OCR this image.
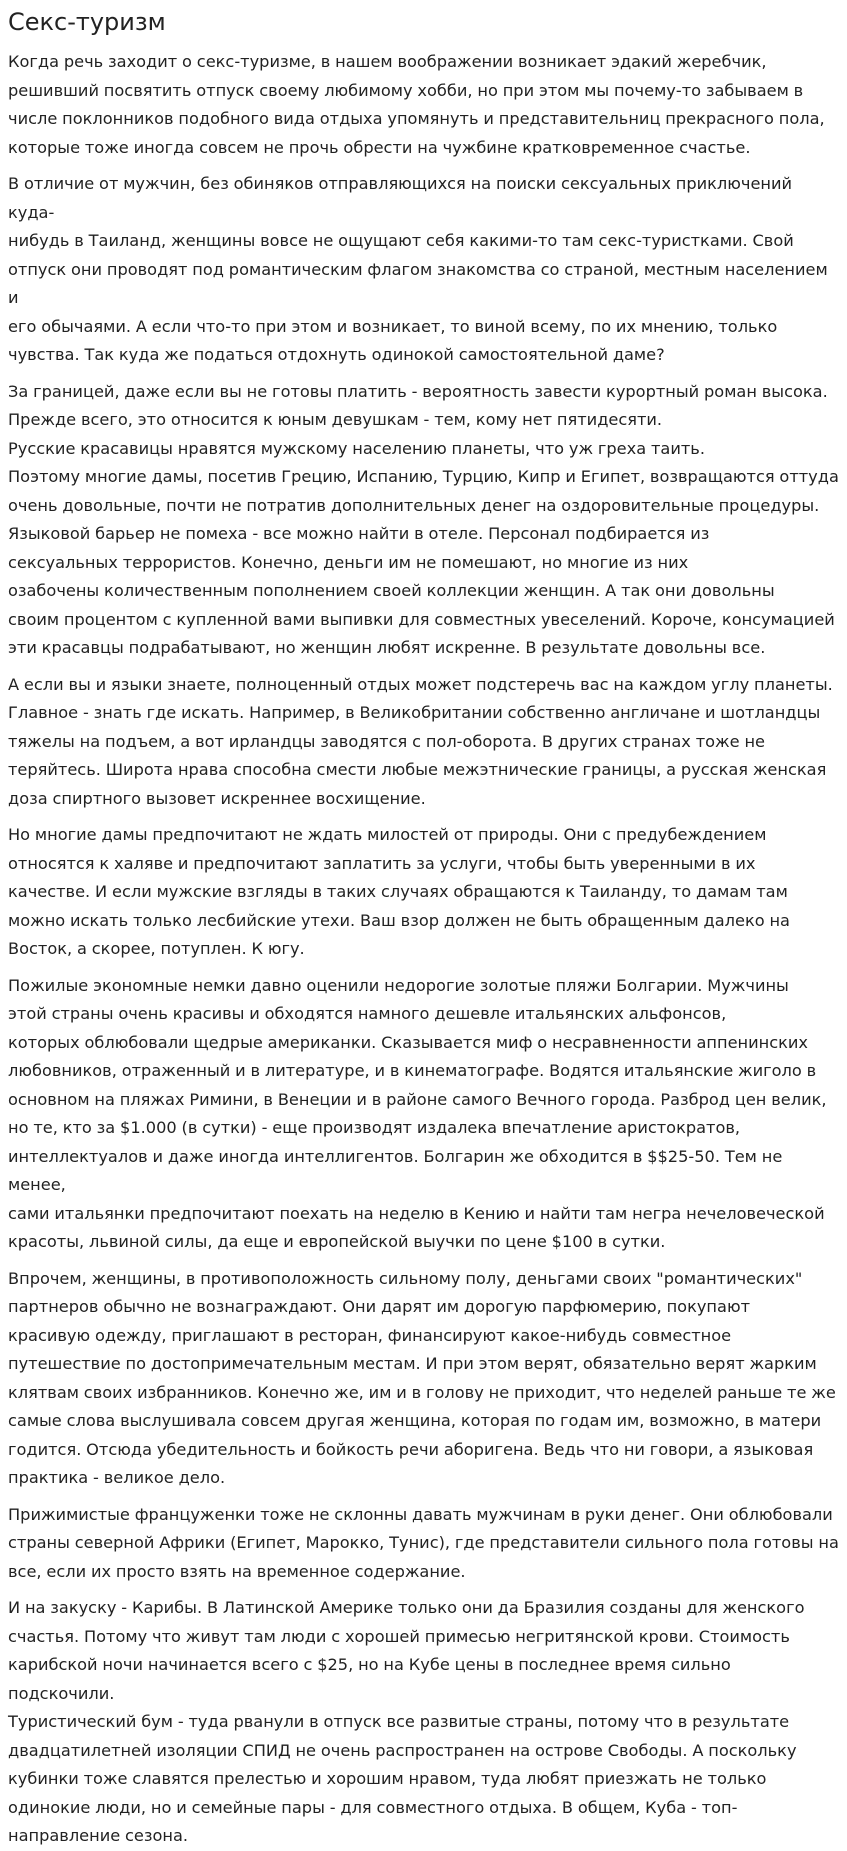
Секс-туризм

Когда речь заходит о секс-туризме, в нашем воображении возникает эдакий жеребчик,
решивший посвятить отпуск своему любимому хобби, но при этом мы почему-то забываем в
числе поклонников подобного вида отдыха упомянуть и представительниц прекрасного пола,
которые тоже иногда совсем не прочь обрести на чужбине кратковременное счастье.

В отличие от мужчин, без обиняков отправляющихся на поиски сексуальных приключений куда-
нибудь в Таиланд, женщины вовсе не ощущают себя какими-то там секс-туристками. Свой
отпуск они проводят под романтическим флагом знакомства со страной, местным населением и
его обычаями. А если что-то при этом и возникает, то виной всему, по их мнению, только
чувства. Так куда же податься отдохнуть одинокой самостоятельной даме?

За границей, даже если вы не готовы платить - вероятность завести курортный роман высока.
Прежде всего, это относится к юным девушкам - тем, кому нет пятидесяти.
Русские красавицы нравятся мужскому населению планеты, что уж греха таить.
Поэтому многие дамы, посетив Грецию, Испанию, Турцию, Кипр и Египет, возвращаются оттуда
очень довольные, почти не потратив дополнительных денег на оздоровительные процедуры.
Языковой барьер не помеха - все можно найти в отеле. Персонал подбирается из
сексуальных террористов. Конечно, деньги им не помешают, но многие из них
озабочены количественным пополнением своей коллекции женщин. А так они довольны
своим процентом с купленной вами выпивки для совместных увеселений. Короче, консумацией
эти красавцы подрабатывают, но женщин любят искренне. В результате довольны все.

А если вы и языки знаете, полноценный отдых может подстеречь вас на каждом углу планеты.
Главное - знать где искать. Например, в Великобритании собственно англичане и шотландцы
тяжелы на подъем, а вот ирландцы заводятся с пол-оборота. В других странах тоже не
теряйтесь. Широта нрава способна смести любые межэтнические границы, а русская женская
доза спиртного вызовет искреннее восхищение.

Но многие дамы предпочитают не ждать милостей от природы. Они с предубеждением
относятся к халяве и предпочитают заплатить за услуги, чтобы быть уверенными в их
качестве. И если мужские взгляды в таких случаях обращаются к Таиланду, то дамам там
можно искать только лесбийские утехи. Ваш взор должен не быть обращенным далеко на
Восток, а скорее, потуплен. К югу.

Пожилые экономные немки давно оценили недорогие золотые пляжи Болгарии. Мужчины
этой страны очень красивы и обходятся намного дешевле итальянских альфонсов,
которых облюбовали щедрые американки. Сказывается миф о несравненности аппенинских
любовников, отраженный и в литературе, и в кинематографе. Водятся итальянские жиголо в
основном на пляжах Римини, в Венеции и в районе самого Вечного города. Разброд цен велик,
но те, кто за $1.000 (в сутки) - еще производят издалека впечатление аристократов,
интеллектуалов и даже иногда интеллигентов. Болгарин же обходится в $$25-50. Тем не менее,
сами итальянки предпочитают поехать на неделю в Кению и найти там негра нечеловеческой
красоты, львиной силы, да еще и европейской выучки по цене $100 в сутки.

Впрочем, женщины, в противоположность сильному полу, деньгами своих "романтических"
партнеров обычно не вознаграждают. Они дарят им дорогую парфюмерию, покупают
красивую одежду, приглашают в ресторан, финансируют какое-нибудь совместное
путешествие по достопримечательным местам. И при этом верят, обязательно верят жарким
клятвам своих избранников. Конечно же, им и в голову не приходит, что неделей раньше те же
самые слова выслушивала совсем другая женщина, которая по годам им, возможно, в матери
годится. Отсюда убедительность и бойкость речи аборигена. Ведь что ни говори, а языковая
практика - великое дело.

Прижимистые француженки тоже не склонны давать мужчинам в руки денег. Они облюбовали
страны северной Африки (Египет, Марокко, Тунис), где представители сильного пола готовы на
все, если их просто взять на временное содержание.

И на закуску - Карибы. В Латинской Америке только они да Бразилия созданы для женского
счастья. Потому что живут там люди с хорошей примесью негритянской крови. Стоимость
карибской ночи начинается всего с $25, но на Кубе цены в последнее время сильно подскочили.
Туристический бум - туда рванули в отпуск все развитые страны, потому что в результате
двадцатилетней изоляции СПИД не очень распространен на острове Свободы. А поскольку
кубинки тоже славятся прелестью и хорошим нравом, туда любят приезжать не только
одинокие люди, но и семейные пары - для совместного отдыха. В общем, Куба - топ-
направление сезона.
